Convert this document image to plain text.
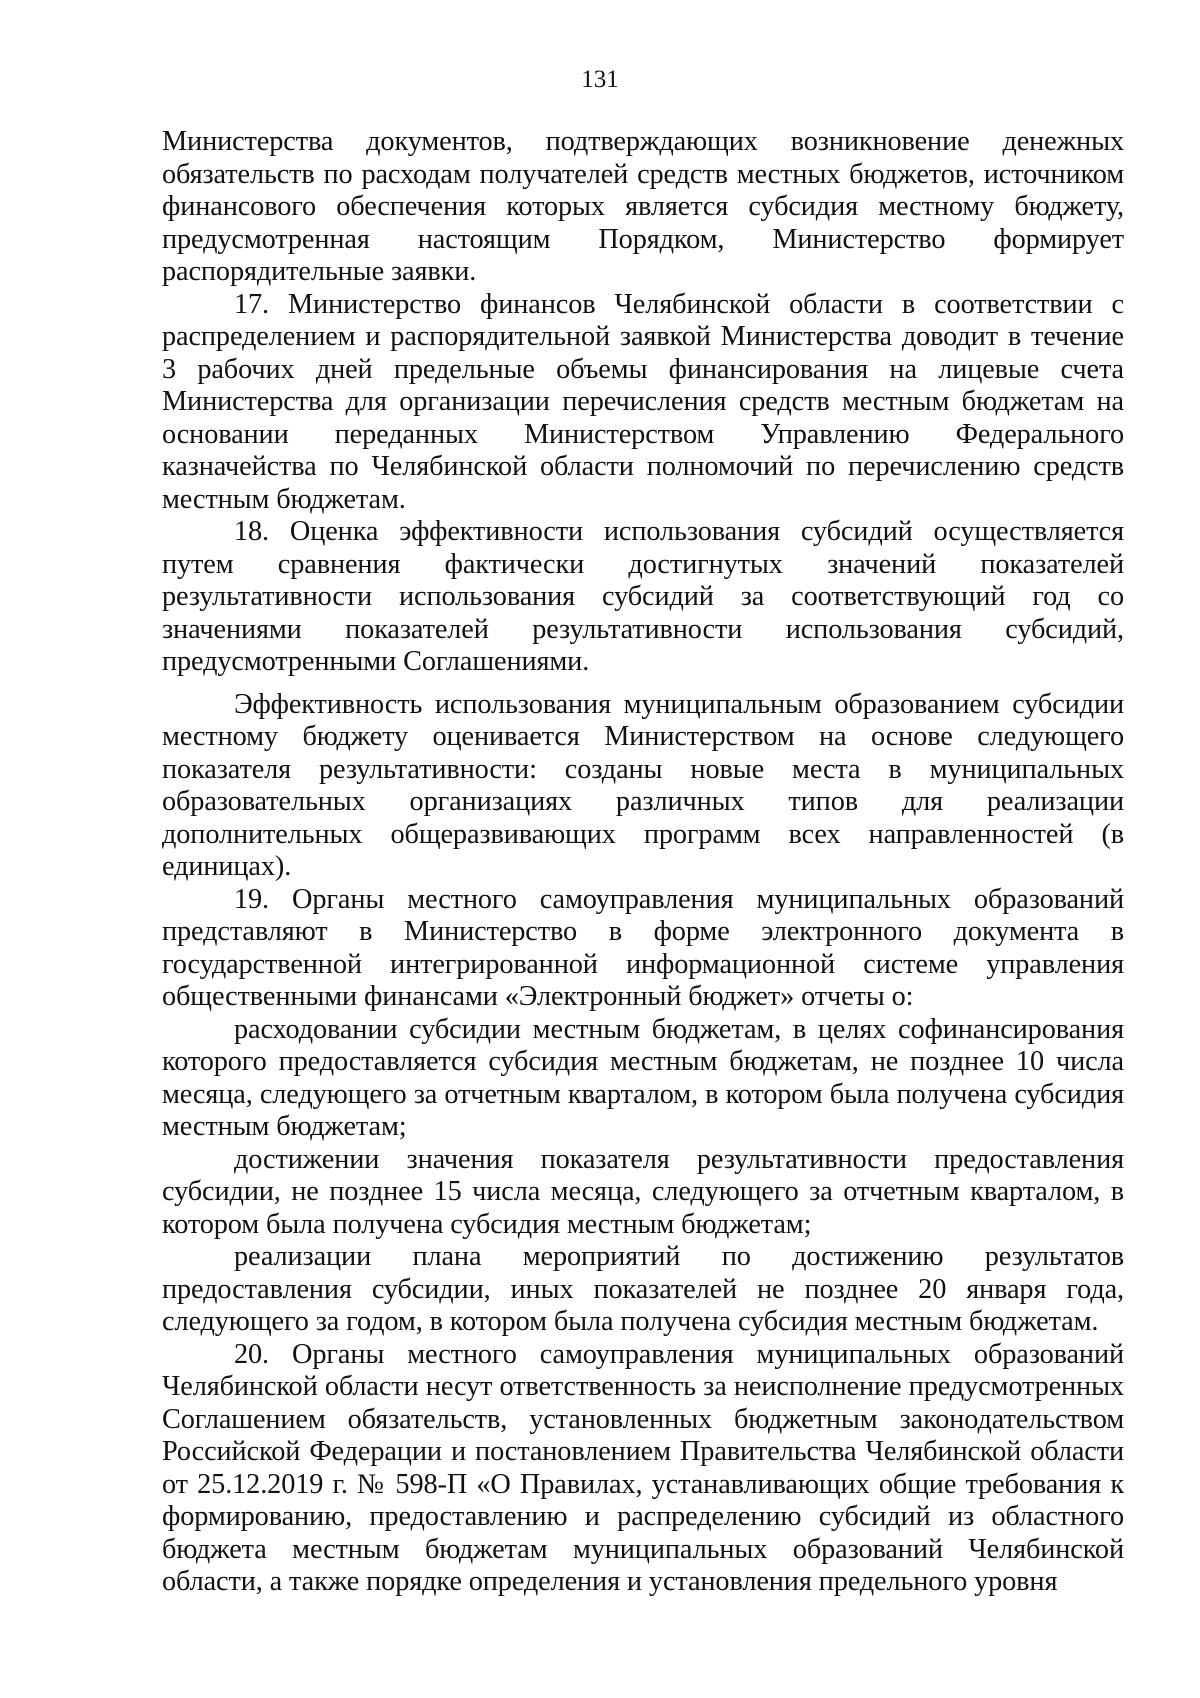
131

Министерства документов, подтверждающих возникновение денежных обязательств по расходам получателей средств местных бюджетов, источником финансового обеспечения которых является субсидия местному бюджету, предусмотренная настоящим Порядком, Министерство формирует распорядительные заявки.

17. Министерство финансов Челябинской области в соответствии с распределением и распорядительной заявкой Министерства доводит в течение 3 рабочих дней предельные объемы финансирования на лицевые счета Министерства для организации перечисления средств местным бюджетам на основании переданных Министерством Управлению Федерального казначейства по Челябинской области полномочий по перечислению средств местным бюджетам.

18. Оценка эффективности использования субсидий осуществляется путем сравнения фактически достигнутых значений показателей результативности использования субсидий за соответствующий год со значениями показателей результативности использования субсидий, предусмотренными Соглашениями.

Эффективность использования муниципальным образованием субсидии местному бюджету оценивается Министерством на основе следующего показателя результативности: созданы новые места в муниципальных образовательных организациях различных типов для реализации дополнительных общеразвивающих программ всех направленностей (в единицах).

19. Органы местного самоуправления муниципальных образований представляют в Министерство в форме электронного документа в государственной интегрированной информационной системе управления общественными финансами «Электронный бюджет» отчеты о:

расходовании субсидии местным бюджетам, в целях софинансирования которого предоставляется субсидия местным бюджетам, не позднее 10 числа месяца, следующего за отчетным кварталом, в котором была получена субсидия местным бюджетам;

достижении значения показателя результативности предоставления субсидии, не позднее 15 числа месяца, следующего за отчетным кварталом, в котором была получена субсидия местным бюджетам;

реализации плана мероприятий по достижению результатов предоставления субсидии, иных показателей не позднее 20 января года, следующего за годом, в котором была получена субсидия местным бюджетам.

20. Органы местного самоуправления муниципальных образований Челябинской области несут ответственность за неисполнение предусмотренных Соглашением обязательств, установленных бюджетным законодательством Российской Федерации и постановлением Правительства Челябинской области от 25.12.2019 г. № 598-П «О Правилах, устанавливающих общие требования к формированию, предоставлению и распределению субсидий из областного бюджета местным бюджетам муниципальных образований Челябинской области, а также порядке определения и установления предельного уровня
